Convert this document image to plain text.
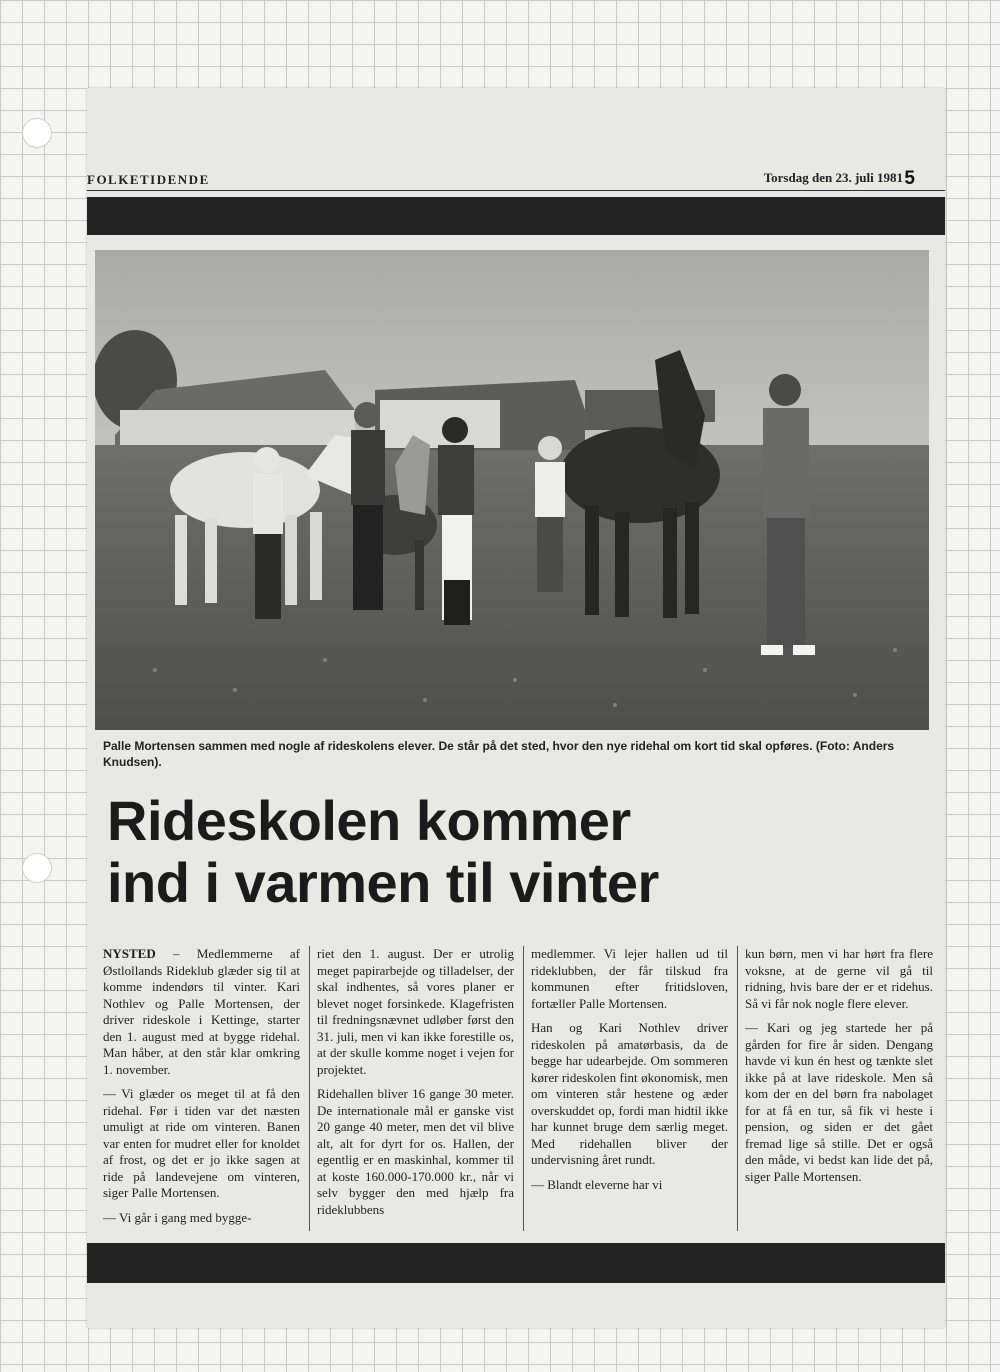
FOLKETIDENDE	Torsdag den 23. juli 1981 5
Palle Mortensen sammen med nogle af rideskolens elever. De står på det sted, hvor den nye ridehal om kort tid skal opføres. (Foto: Anders Knudsen).
Rideskolen kommer
ind i varmen til vinter

NYSTED – Medlemmerne af Østlollands Rideklub glæder sig til at komme indendørs til vinter. Kari Nothlev og Palle Mortensen, der driver rideskole i Kettinge, starter den 1. august med at bygge ridehal. Man håber, at den står klar omkring 1. november.

— Vi glæder os meget til at få den ridehal. Før i tiden var det næsten umuligt at ride om vinteren. Banen var enten for mudret eller for knoldet af frost, og det er jo ikke sagen at ride på landevejene om vinteren, siger Palle Mortensen.

— Vi går i gang med bygge-

riet den 1. august. Der er utrolig meget papirarbejde og tilladelser, der skal indhentes, så vores planer er blevet noget forsinkede. Klagefristen til fredningsnævnet udløber først den 31. juli, men vi kan ikke forestille os, at der skulle komme noget i vejen for projektet.

Ridehallen bliver 16 gange 30 meter. De internationale mål er ganske vist 20 gange 40 meter, men det vil blive alt, alt for dyrt for os. Hallen, der egentlig er en maskinhal, kommer til at koste 160.000-170.000 kr., når vi selv bygger den med hjælp fra rideklubbens

medlemmer. Vi lejer hallen ud til rideklubben, der får tilskud fra kommunen efter fritidsloven, fortæller Palle Mortensen.

Han og Kari Nothlev driver rideskolen på amatørbasis, da de begge har udearbejde. Om sommeren kører rideskolen fint økonomisk, men om vinteren står hestene og æder overskuddet op, fordi man hidtil ikke har kunnet bruge dem særlig meget. Med ridehallen bliver der undervisning året rundt.

— Blandt eleverne har vi

kun børn, men vi har hørt fra flere voksne, at de gerne vil gå til ridning, hvis bare der er et ridehus. Så vi får nok nogle flere elever.

— Kari og jeg startede her på gården for fire år siden. Dengang havde vi kun én hest og tænkte slet ikke på at lave rideskole. Men så kom der en del børn fra nabolaget for at få en tur, så fik vi heste i pension, og siden er det gået fremad lige så stille. Det er også den måde, vi bedst kan lide det på, siger Palle Mortensen.
